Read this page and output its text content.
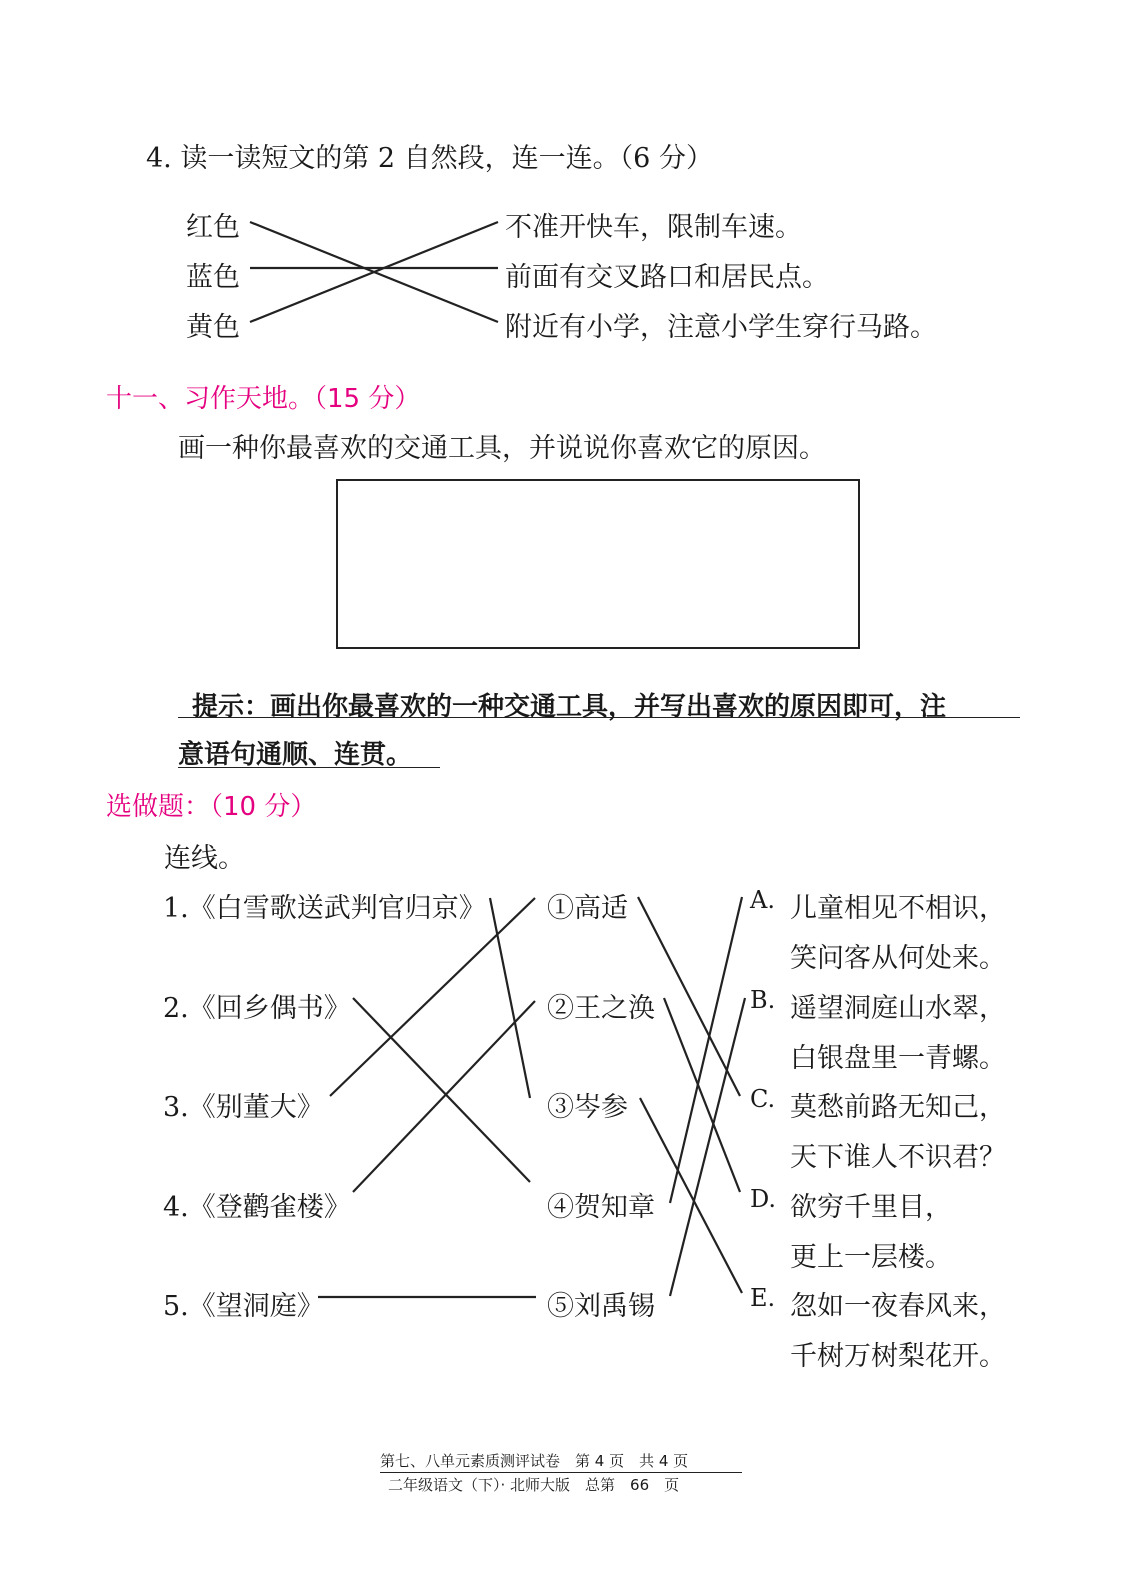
4. 读一读短文的第 2 自然段，连一连。（6 分）
红色
蓝色
黄色
不准开快车，限制车速。
前面有交叉路口和居民点。
附近有小学，注意小学生穿行马路。
十一、习作天地。（15 分）
画一种你最喜欢的交通工具，并说说你喜欢它的原因。
提示：画出你最喜欢的一种交通工具，并写出喜欢的原因即可，注
意语句通顺、连贯。
选做题：（10 分）
连线。
1.《白雪歌送武判官归京》
2.《回乡偶书》
3.《别董大》
4.《登鹳雀楼》
5.《望洞庭》
①高适
②王之涣
③岑参
④贺知章
⑤刘禹锡
A. 儿童相见不相识，
笑问客从何处来。
B. 遥望洞庭山水翠，
白银盘里一青螺。
C. 莫愁前路无知己，
天下谁人不识君？
D. 欲穷千里目，
更上一层楼。
E. 忽如一夜春风来，
千树万树梨花开。
第七、八单元素质测评试卷　第 4 页　共 4 页
二年级语文（下）· 北师大版　总第　66　页
